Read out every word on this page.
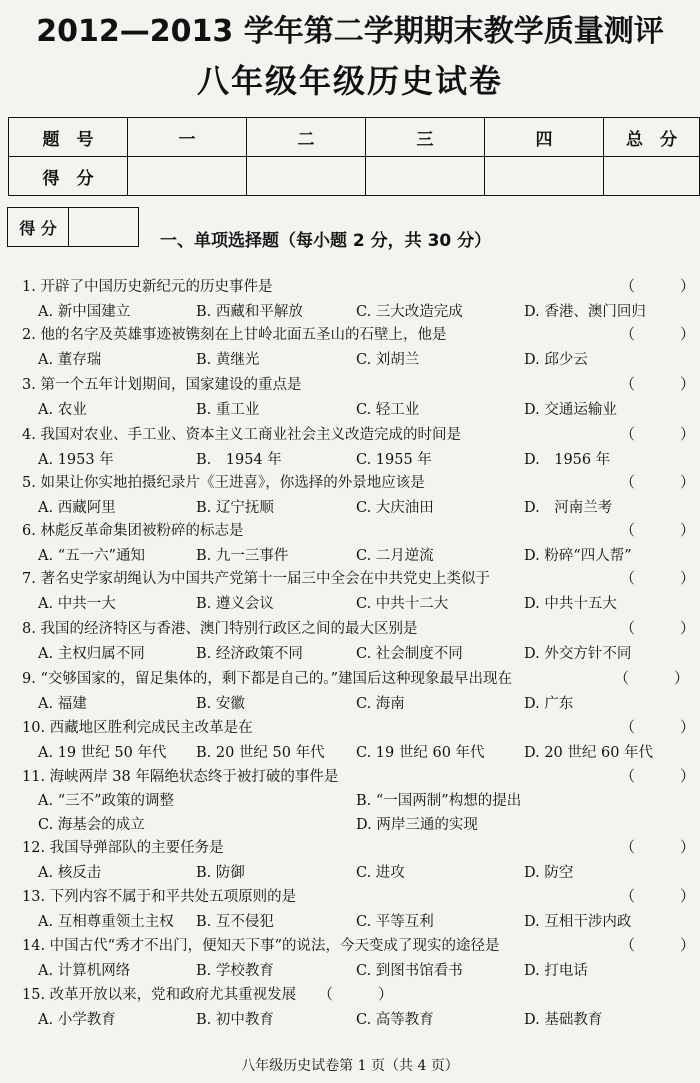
2012—2013 学年第二学期期末教学质量测评
八年级年级历史试卷
题　号	一	二	三	四	总　分
得　分					
得 分
一、单项选择题（每小题 2 分，共 30 分）
1. 开辟了中国历史新纪元的历史事件是	（　　　）
A. 新中国建立	B. 西藏和平解放	C. 三大改造完成	D. 香港、澳门回归
2. 他的名字及英雄事迹被镌刻在上甘岭北面五圣山的石壁上，他是	（　　　）
A. 董存瑞	B. 黄继光	C. 刘胡兰	D. 邱少云
3. 第一个五年计划期间，国家建设的重点是	（　　　）
A. 农业	B. 重工业	C. 轻工业	D. 交通运输业
4. 我国对农业、手工业、资本主义工商业社会主义改造完成的时间是	（　　　）
A. 1953 年	B.　1954 年	C. 1955 年	D.　1956 年
5. 如果让你实地拍摄纪录片《王进喜》，你选择的外景地应该是	（　　　）
A. 西藏阿里	B. 辽宁抚顺	C. 大庆油田	D.　河南兰考
6. 林彪反革命集团被粉碎的标志是	（　　　）
A. “五一六”通知	B. 九一三事件	C. 二月逆流	D. 粉碎“四人帮”
7. 著名史学家胡绳认为中国共产党第十一届三中全会在中共党史上类似于	（　　　）
A. 中共一大	B. 遵义会议	C. 中共十二大	D. 中共十五大
8. 我国的经济特区与香港、澳门特别行政区之间的最大区别是	（　　　）
A. 主权归属不同	B. 经济政策不同	C. 社会制度不同	D. 外交方针不同
9. “交够国家的，留足集体的，剩下都是自己的。”建国后这种现象最早出现在	（　　　）
A. 福建	B. 安徽	C. 海南	D. 广东
10. 西藏地区胜利完成民主改革是在	（　　　）
A. 19 世纪 50 年代 B. 20 世纪 50 年代 C. 19 世纪 60 年代	D. 20 世纪 60 年代
11. 海峡两岸 38 年隔绝状态终于被打破的事件是	（　　　）
A. “三不”政策的调整	B. “一国两制”构想的提出
C. 海基会的成立	D. 两岸三通的实现
12. 我国导弹部队的主要任务是	（　　　）
A. 核反击	B. 防御	C. 进攻	D. 防空
13. 下列内容不属于和平共处五项原则的是	（　　　）
A. 互相尊重领土主权 B. 互不侵犯	C. 平等互利	D. 互相干涉内政
14. 中国古代“秀才不出门，便知天下事”的说法，今天变成了现实的途径是	（　　　）
A. 计算机网络	B. 学校教育	C. 到图书馆看书	D. 打电话
15. 改革开放以来，党和政府尤其重视发展 （　　　）
A. 小学教育	B. 初中教育	C. 高等教育	D. 基础教育
八年级历史试卷第 1 页（共 4 页）
